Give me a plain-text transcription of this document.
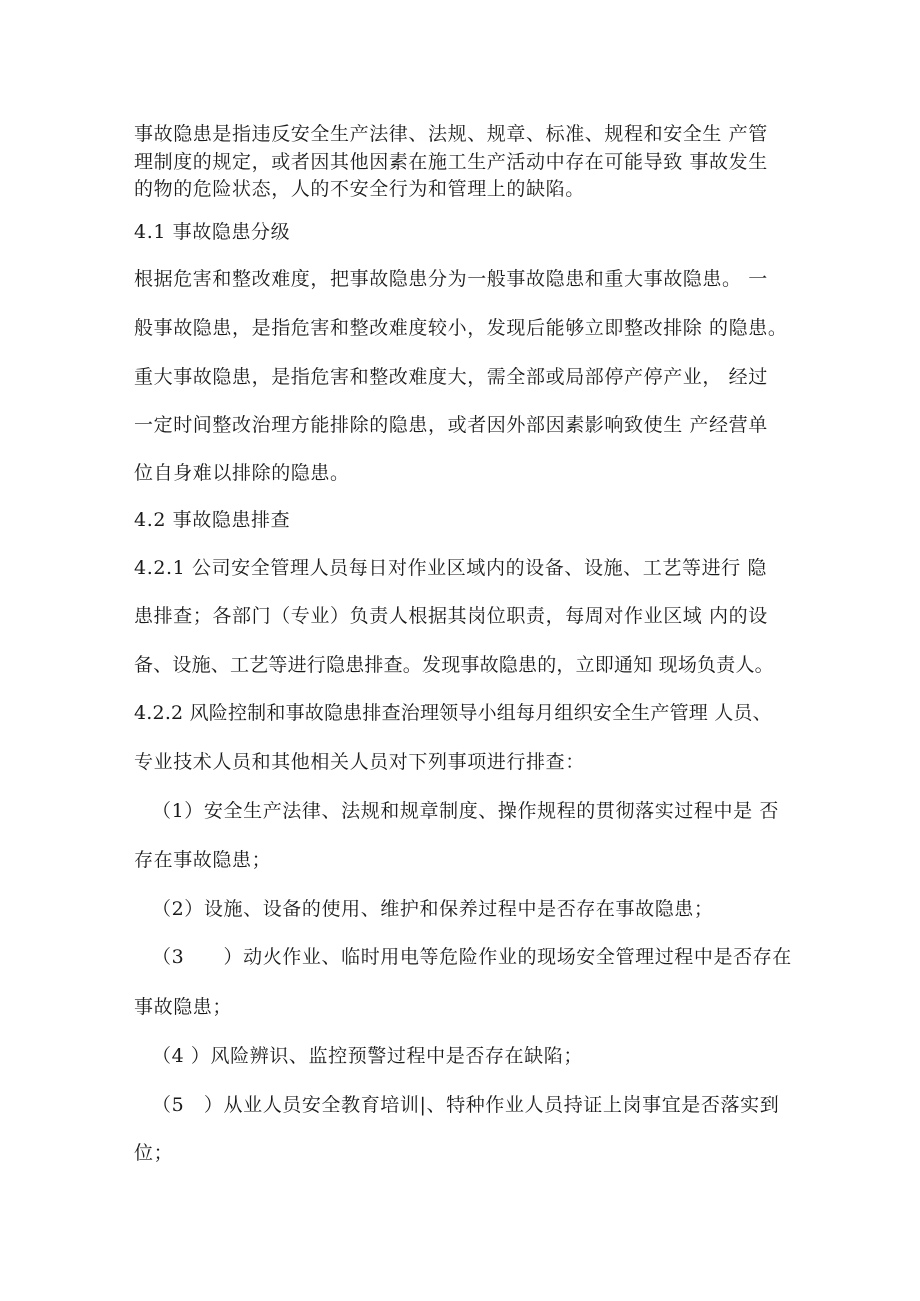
事故隐患是指违反安全生产法律、法规、规章、标准、规程和安全生 产管
理制度的规定，或者因其他因素在施工生产活动中存在可能导致 事故发生
的物的危险状态，人的不安全行为和管理上的缺陷。
4.1 事故隐患分级
根据危害和整改难度，把事故隐患分为一般事故隐患和重大事故隐患。 一
般事故隐患，是指危害和整改难度较小，发现后能够立即整改排除 的隐患。
重大事故隐患，是指危害和整改难度大，需全部或局部停产停产业， 经过
一定时间整改治理方能排除的隐患，或者因外部因素影响致使生 产经营单
位自身难以排除的隐患。
4.2 事故隐患排查
4.2.1 公司安全管理人员每日对作业区域内的设备、设施、工艺等进行 隐
患排查；各部门（专业）负责人根据其岗位职责，每周对作业区域 内的设
备、设施、工艺等进行隐患排查。发现事故隐患的，立即通知 现场负责人。
4.2.2 风险控制和事故隐患排查治理领导小组每月组织安全生产管理 人员、
专业技术人员和其他相关人员对下列事项进行排查：
（1）安全生产法律、法规和规章制度、操作规程的贯彻落实过程中是 否
存在事故隐患；
（2）设施、设备的使用、维护和保养过程中是否存在事故隐患；
（3　　）动火作业、临时用电等危险作业的现场安全管理过程中是否存在
事故隐患；
（4 ）风险辨识、监控预警过程中是否存在缺陷；
（5　）从业人员安全教育培训|、特种作业人员持证上岗事宜是否落实到
位；
